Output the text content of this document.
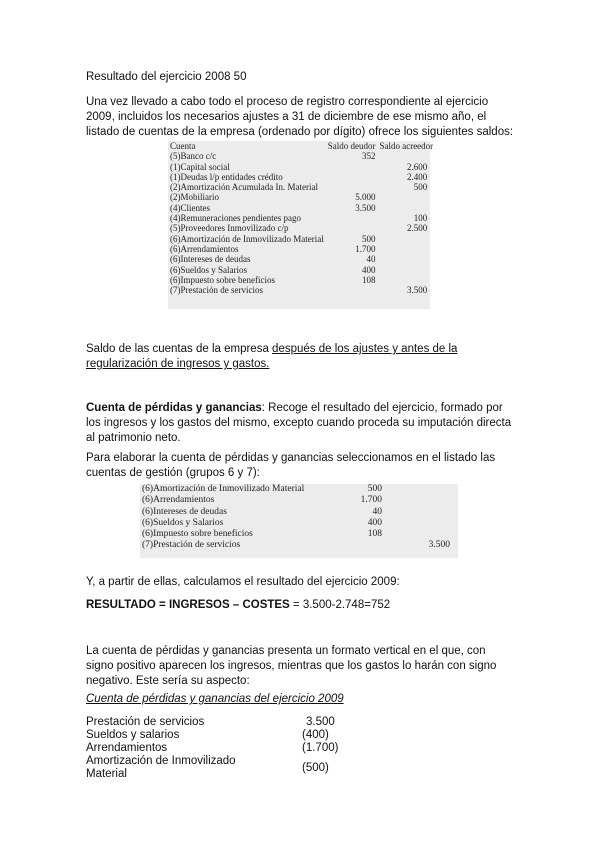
Resultado del ejercicio 2008 50

Una vez llevado a cabo todo el proceso de registro correspondiente al ejercicio 2009, incluidos los necesarios ajustes a 31 de diciembre de ese mismo año, el listado de cuentas de la empresa (ordenado por dígito) ofrece los siguientes saldos:

Cuenta	Saldo deudor	Saldo acreedor
(5)Banco c/c	352	
(1)Capital social		2.600
(1)Deudas l/p entidades crédito		2.400
(2)Amortización Acumulada In. Material		500
(2)Mobiliario	5.000	
(4)Clientes	3.500	
(4)Remuneraciones pendientes pago		100
(5)Proveedores Inmovilizado c/p		2.500
(6)Amortización de Inmovilizado Material	500	
(6)Arrendamientos	1.700	
(6)Intereses de deudas	40	
(6)Sueldos y Salarios	400	
(6)Impuesto sobre beneficios	108	
(7)Prestación de servicios		3.500

Saldo de las cuentas de la empresa después de los ajustes y antes de la regularización de ingresos y gastos.

Cuenta de pérdidas y ganancias: Recoge el resultado del ejercicio, formado por los ingresos y los gastos del mismo, excepto cuando proceda su imputación directa al patrimonio neto.

Para elaborar la cuenta de pérdidas y ganancias seleccionamos en el listado las cuentas de gestión (grupos 6 y 7):

(6)Amortización de Inmovilizado Material	500	
(6)Arrendamientos	1.700	
(6)Intereses de deudas	40	
(6)Sueldos y Salarios	400	
(6)Impuesto sobre beneficios	108	
(7)Prestación de servicios		3.500

Y, a partir de ellas, calculamos el resultado del ejercicio 2009:

RESULTADO = INGRESOS – COSTES = 3.500-2.748=752

La cuenta de pérdidas y ganancias presenta un formato vertical en el que, con signo positivo aparecen los ingresos, mientras que los gastos lo harán con signo negativo. Este sería su aspecto:

Cuenta de pérdidas y ganancias del ejercicio 2009

Prestación de servicios	3.500
Sueldos y salarios	(400)
Arrendamientos	(1.700)
Amortización de Inmovilizado Material	(500)
